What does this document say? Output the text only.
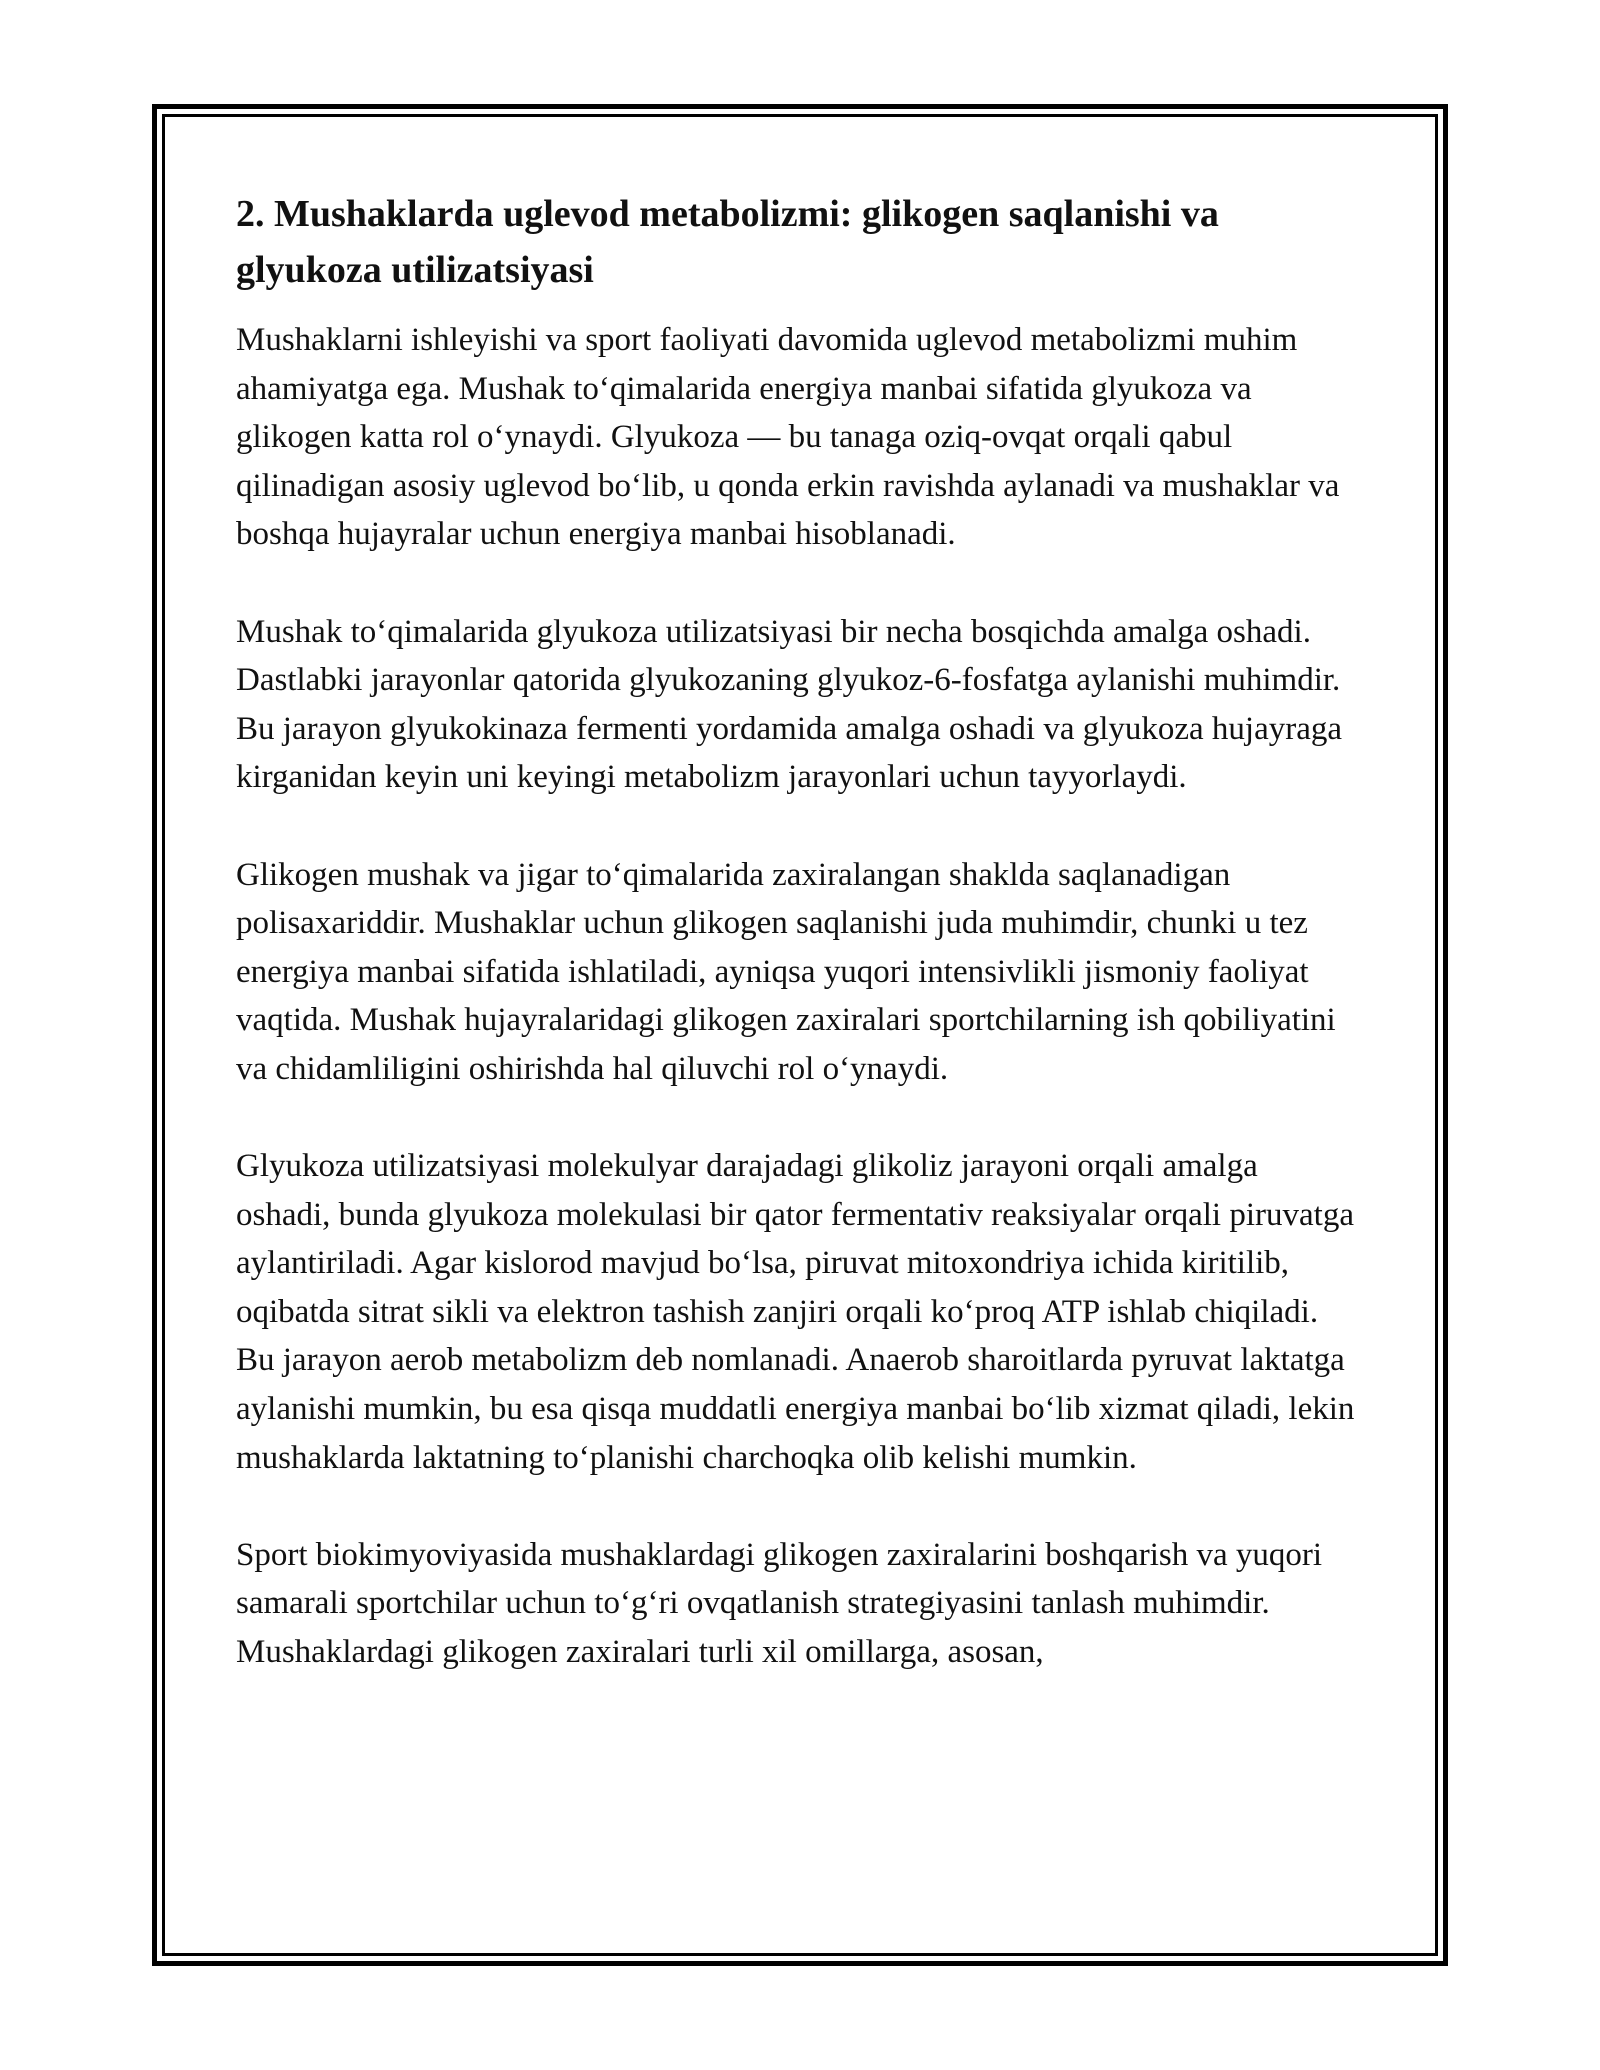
2. Mushaklarda uglevod metabolizmi: glikogen saqlanishi va glyukoza utilizatsiyasi

Mushaklarni ishleyishi va sport faoliyati davomida uglevod metabolizmi muhim ahamiyatga ega. Mushak to‘qimalarida energiya manbai sifatida glyukoza va glikogen katta rol o‘ynaydi. Glyukoza — bu tanaga oziq-ovqat orqali qabul qilinadigan asosiy uglevod bo‘lib, u qonda erkin ravishda aylanadi va mushaklar va boshqa hujayralar uchun energiya manbai hisoblanadi.

Mushak to‘qimalarida glyukoza utilizatsiyasi bir necha bosqichda amalga oshadi. Dastlabki jarayonlar qatorida glyukozaning glyukoz-6-fosfatga aylanishi muhimdir. Bu jarayon glyukokinaza fermenti yordamida amalga oshadi va glyukoza hujayraga kirganidan keyin uni keyingi metabolizm jarayonlari uchun tayyorlaydi.

Glikogen mushak va jigar to‘qimalarida zaxiralangan shaklda saqlanadigan polisaxariddir. Mushaklar uchun glikogen saqlanishi juda muhimdir, chunki u tez energiya manbai sifatida ishlatiladi, ayniqsa yuqori intensivlikli jismoniy faoliyat vaqtida. Mushak hujayralaridagi glikogen zaxiralari sportchilarning ish qobiliyatini va chidamliligini oshirishda hal qiluvchi rol o‘ynaydi.

Glyukoza utilizatsiyasi molekulyar darajadagi glikoliz jarayoni orqali amalga oshadi, bunda glyukoza molekulasi bir qator fermentativ reaksiyalar orqali piruvatga aylantiriladi. Agar kislorod mavjud bo‘lsa, piruvat mitoxondriya ichida kiritilib, oqibatda sitrat sikli va elektron tashish zanjiri orqali ko‘proq ATP ishlab chiqiladi. Bu jarayon aerob metabolizm deb nomlanadi. Anaerob sharoitlarda pyruvat laktatga aylanishi mumkin, bu esa qisqa muddatli energiya manbai bo‘lib xizmat qiladi, lekin mushaklarda laktatning to‘planishi charchoqka olib kelishi mumkin.

Sport biokimyoviyasida mushaklardagi glikogen zaxiralarini boshqarish va yuqori samarali sportchilar uchun to‘g‘ri ovqatlanish strategiyasini tanlash muhimdir. Mushaklardagi glikogen zaxiralari turli xil omillarga, asosan,
